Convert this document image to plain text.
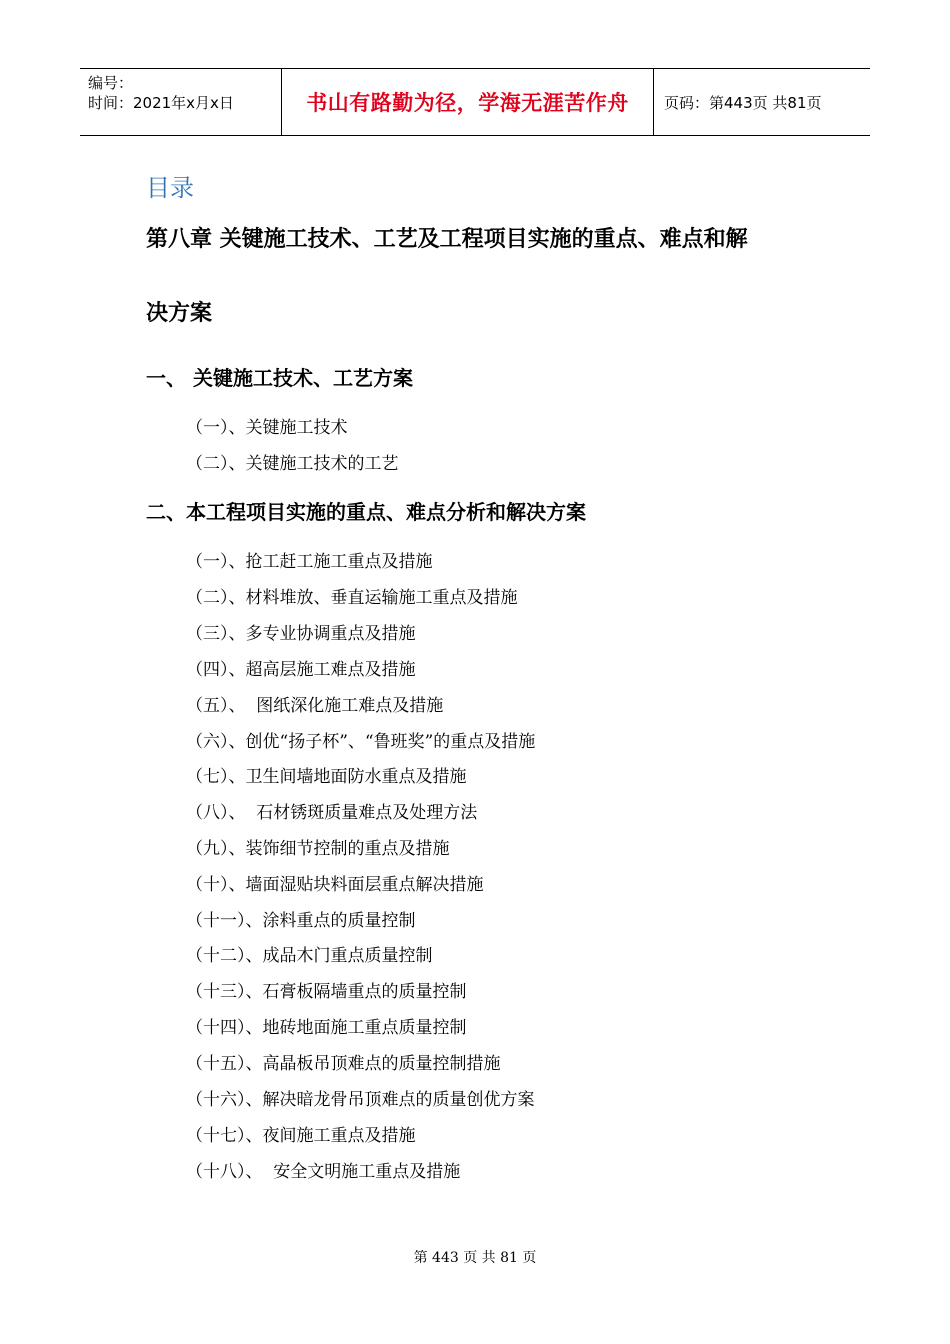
编号：
时间：2021年x月x日	书山有路勤为径，学海无涯苦作舟	页码：第443页 共81页
目录
第八章 关键施工技术、工艺及工程项目实施的重点、难点和解
决方案
一、 关键施工技术、工艺方案
（一）、关键施工技术
（二）、关键施工技术的工艺
二、本工程项目实施的重点、难点分析和解决方案
（一）、抢工赶工施工重点及措施
（二）、材料堆放、垂直运输施工重点及措施
（三）、多专业协调重点及措施
（四）、超高层施工难点及措施
（五）、  图纸深化施工难点及措施
（六）、创优“扬子杯”、“鲁班奖”的重点及措施
（七）、卫生间墙地面防水重点及措施
（八）、  石材锈斑质量难点及处理方法
（九）、装饰细节控制的重点及措施
（十）、墙面湿贴块料面层重点解决措施
（十一）、涂料重点的质量控制
（十二）、成品木门重点质量控制
（十三）、石膏板隔墙重点的质量控制
（十四）、地砖地面施工重点质量控制
（十五）、高晶板吊顶难点的质量控制措施
（十六）、解决暗龙骨吊顶难点的质量创优方案
（十七）、夜间施工重点及措施
（十八）、  安全文明施工重点及措施
第 443 页 共 81 页
